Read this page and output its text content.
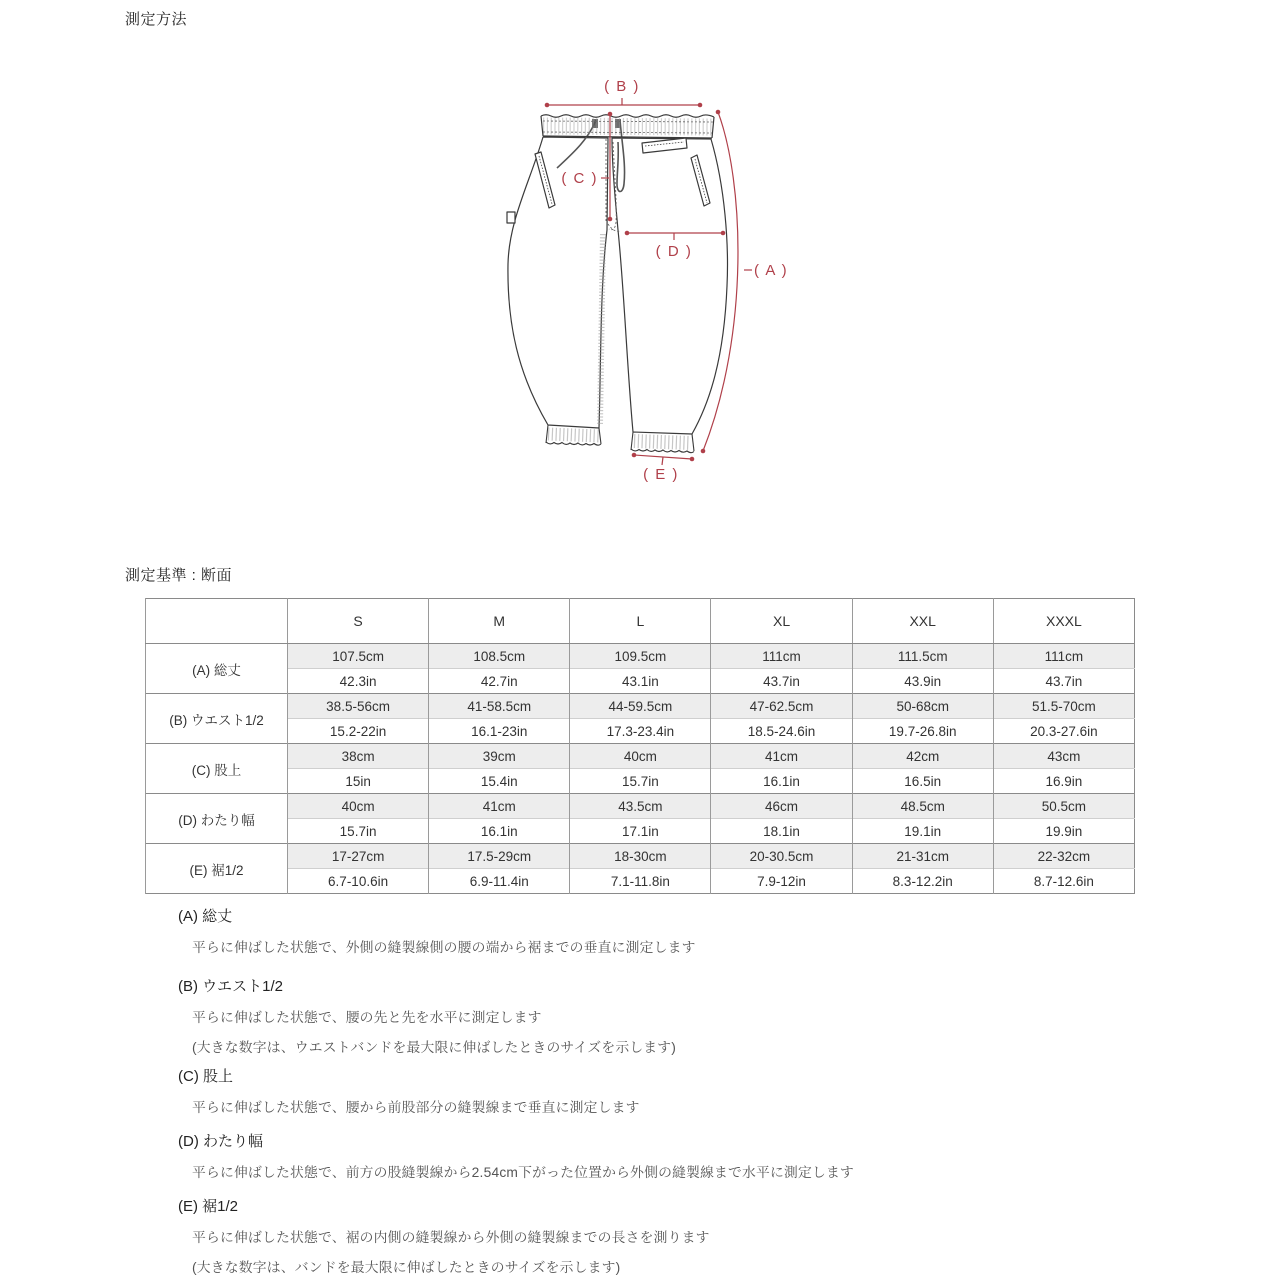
測定方法
( B )
( C )
( D )
( A )
( E )
測定基準 : 断面
	S	M	L	XL	XXL	XXXL
(A) 総丈	107.5cm	108.5cm	109.5cm	111cm	111.5cm	111cm
	42.3in	42.7in	43.1in	43.7in	43.9in	43.7in
(B) ウエスト1/2	38.5-56cm	41-58.5cm	44-59.5cm	47-62.5cm	50-68cm	51.5-70cm
	15.2-22in	16.1-23in	17.3-23.4in	18.5-24.6in	19.7-26.8in	20.3-27.6in
(C) 股上	38cm	39cm	40cm	41cm	42cm	43cm
	15in	15.4in	15.7in	16.1in	16.5in	16.9in
(D) わたり幅	40cm	41cm	43.5cm	46cm	48.5cm	50.5cm
	15.7in	16.1in	17.1in	18.1in	19.1in	19.9in
(E) 裾1/2	17-27cm	17.5-29cm	18-30cm	20-30.5cm	21-31cm	22-32cm
	6.7-10.6in	6.9-11.4in	7.1-11.8in	7.9-12in	8.3-12.2in	8.7-12.6in
(A) 総丈
平らに伸ばした状態で、外側の縫製線側の腰の端から裾までの垂直に測定します
(B) ウエスト1/2
平らに伸ばした状態で、腰の先と先を水平に測定します
(大きな数字は、ウエストバンドを最大限に伸ばしたときのサイズを示します)
(C) 股上
平らに伸ばした状態で、腰から前股部分の縫製線まで垂直に測定します
(D) わたり幅
平らに伸ばした状態で、前方の股縫製線から2.54cm下がった位置から外側の縫製線まで水平に測定します
(E) 裾1/2
平らに伸ばした状態で、裾の内側の縫製線から外側の縫製線までの長さを測ります
(大きな数字は、バンドを最大限に伸ばしたときのサイズを示します)
